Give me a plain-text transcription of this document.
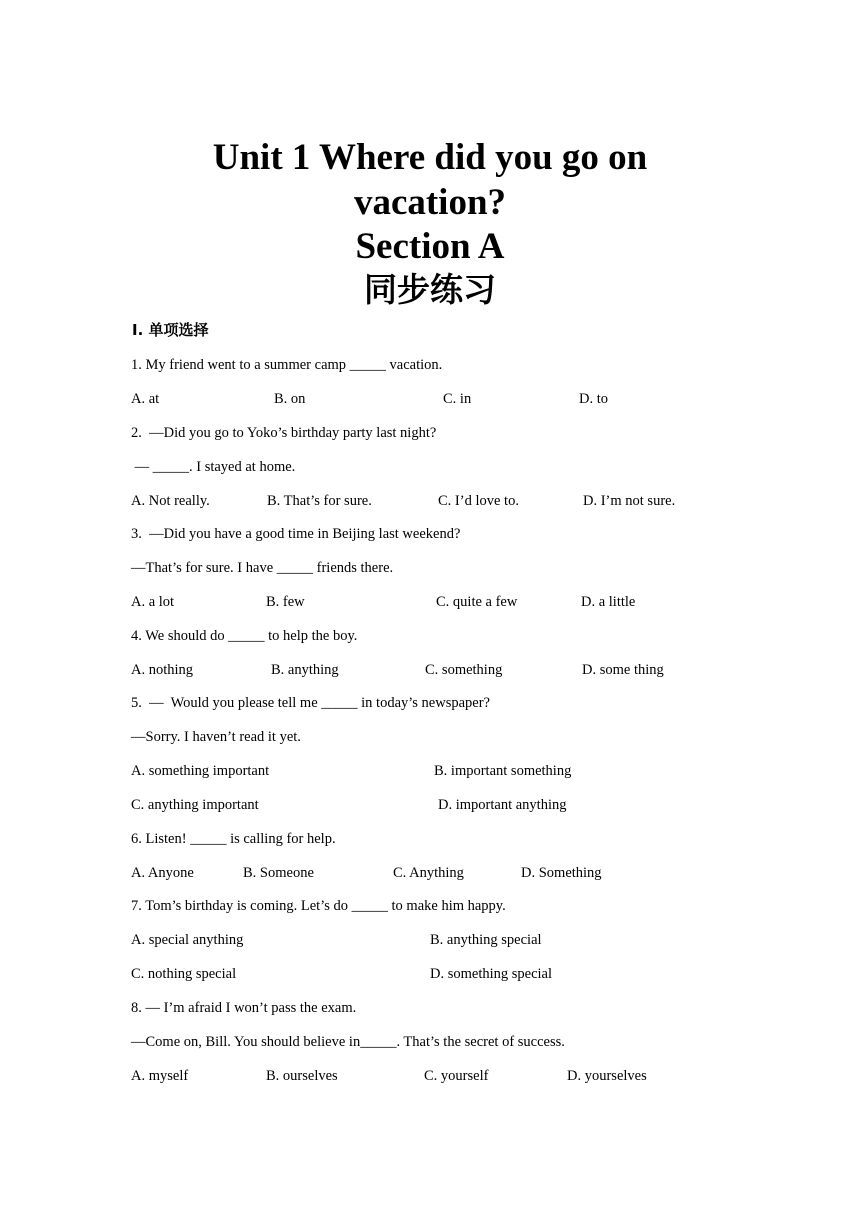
Unit 1 Where did you go on
vacation?
Section A
同步练习
Ⅰ. 单项选择
1. My friend went to a summer camp _____ vacation.
A. at	B. on	C. in	D. to
2.  —Did you go to Yoko’s birthday party last night?
— _____. I stayed at home.
A. Not really.	B. That’s for sure.	C. I’d love to.	D. I’m not sure.
3.  —Did you have a good time in Beijing last weekend?
—That’s for sure. I have _____ friends there.
A. a lot	B. few	C. quite a few	D. a little
4. We should do _____ to help the boy.
A. nothing	B. anything	C. something	D. some thing
5.  —  Would you please tell me _____ in today’s newspaper?
—Sorry. I haven’t read it yet.
A. something important	B. important something
C. anything important	D. important anything
6. Listen! _____ is calling for help.
A. Anyone	B. Someone	C. Anything	D. Something
7. Tom’s birthday is coming. Let’s do _____ to make him happy.
A. special anything	B. anything special
C. nothing special	D. something special
8. — I’m afraid I won’t pass the exam.
—Come on, Bill. You should believe in_____. That’s the secret of success.
A. myself	B. ourselves	C. yourself	D. yourselves
